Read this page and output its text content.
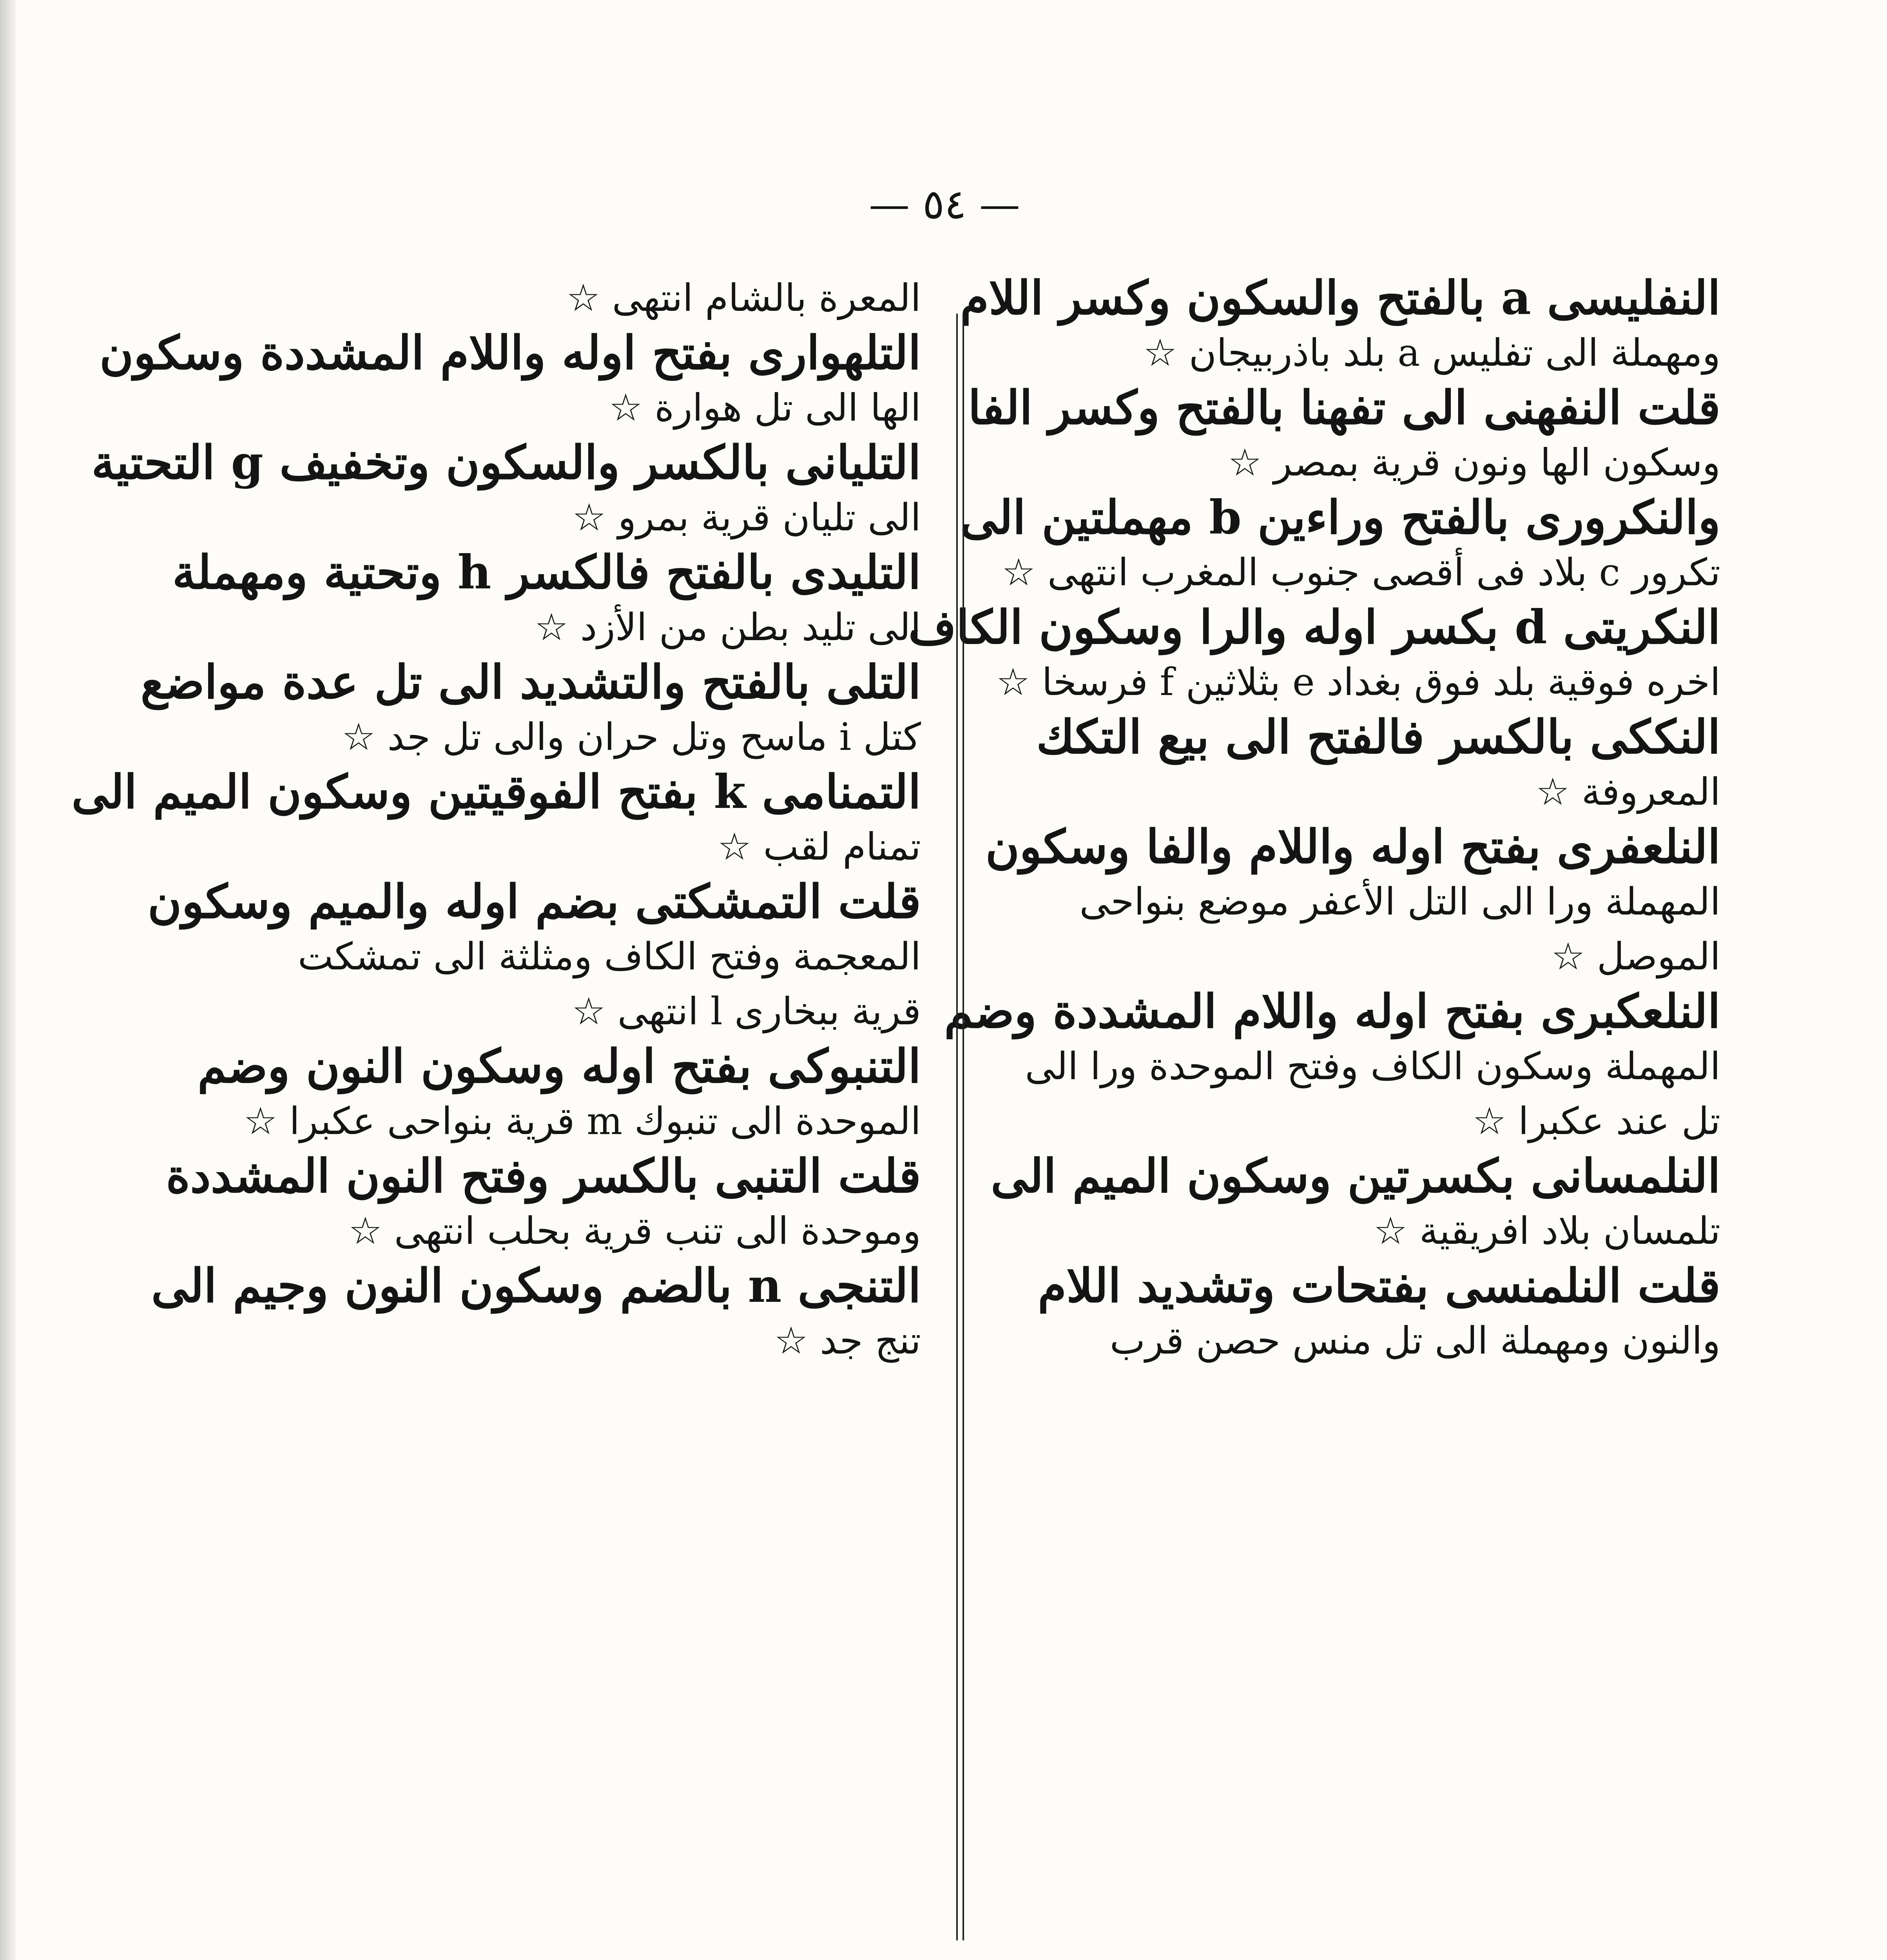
— ٥٤ —
النفليسى a بالفتح والسكون وكسر اللام
ومهملة الى تفليس a بلد باذربيجان ☆
قلت النفهنى الى تفهنا بالفتح وكسر الفا
وسكون الها ونون قرية بمصر ☆
والنكرورى بالفتح وراءين b مهملتين الى
تكرور c بلاد فى أقصى جنوب المغرب انتهى ☆
النكريتى d بكسر اوله والرا وسكون الكاف
اخره فوقية بلد فوق بغداد e بثلاثين f فرسخا ☆
النككى بالكسر فالفتح الى بيع التكك
المعروفة ☆
النلعفرى بفتح اوله واللام والفا وسكون
المهملة ورا الى التل الأعفر موضع بنواحى
الموصل ☆
النلعكبرى بفتح اوله واللام المشددة وضم
المهملة وسكون الكاف وفتح الموحدة ورا الى
تل عند عكبرا ☆
النلمسانى بكسرتين وسكون الميم الى
تلمسان بلاد افريقية ☆
قلت النلمنسى بفتحات وتشديد اللام
والنون ومهملة الى تل منس حصن قرب
المعرة بالشام انتهى ☆
التلهوارى بفتح اوله واللام المشددة وسكون
الها الى تل هوارة ☆
التليانى بالكسر والسكون وتخفيف g التحتية
الى تليان قرية بمرو ☆
التليدى بالفتح فالكسر h وتحتية ومهملة
الى تليد بطن من الأزد ☆
التلى بالفتح والتشديد الى تل عدة مواضع
كتل i ماسح وتل حران والى تل جد ☆
التمنامى k بفتح الفوقيتين وسكون الميم الى
تمنام لقب ☆
قلت التمشكتى بضم اوله والميم وسكون
المعجمة وفتح الكاف ومثلثة الى تمشكت
قرية ببخارى l انتهى ☆
التنبوكى بفتح اوله وسكون النون وضم
الموحدة الى تنبوك m قرية بنواحى عكبرا ☆
قلت التنبى بالكسر وفتح النون المشددة
وموحدة الى تنب قرية بحلب انتهى ☆
التنجى n بالضم وسكون النون وجيم الى
تنج جد ☆
